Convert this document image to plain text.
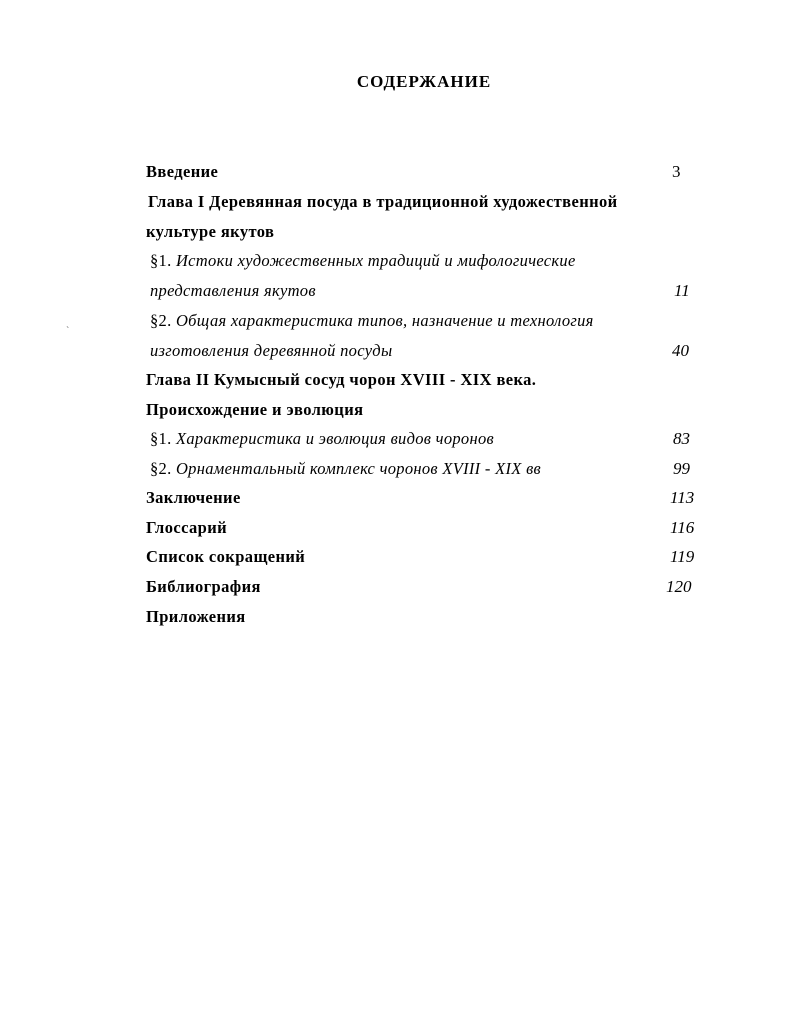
СОДЕРЖАНИЕ
Введение	3
Глава I Деревянная посуда в традиционной художественной
культуре якутов
§1. Истоки художественных традиций и мифологические
представления якутов	11
`
§2. Общая характеристика типов, назначение и технология
изготовления деревянной посуды	40
Глава II Кумысный сосуд чорон XVIII - XIX века.
Происхождение и эволюция
§1. Характеристика и эволюция видов чоронов	83
§2. Орнаментальный комплекс чоронов XVIII - XIX вв	99
Заключение	113
Глоссарий	116
Список сокращений	119
Библиография	120
Приложения
